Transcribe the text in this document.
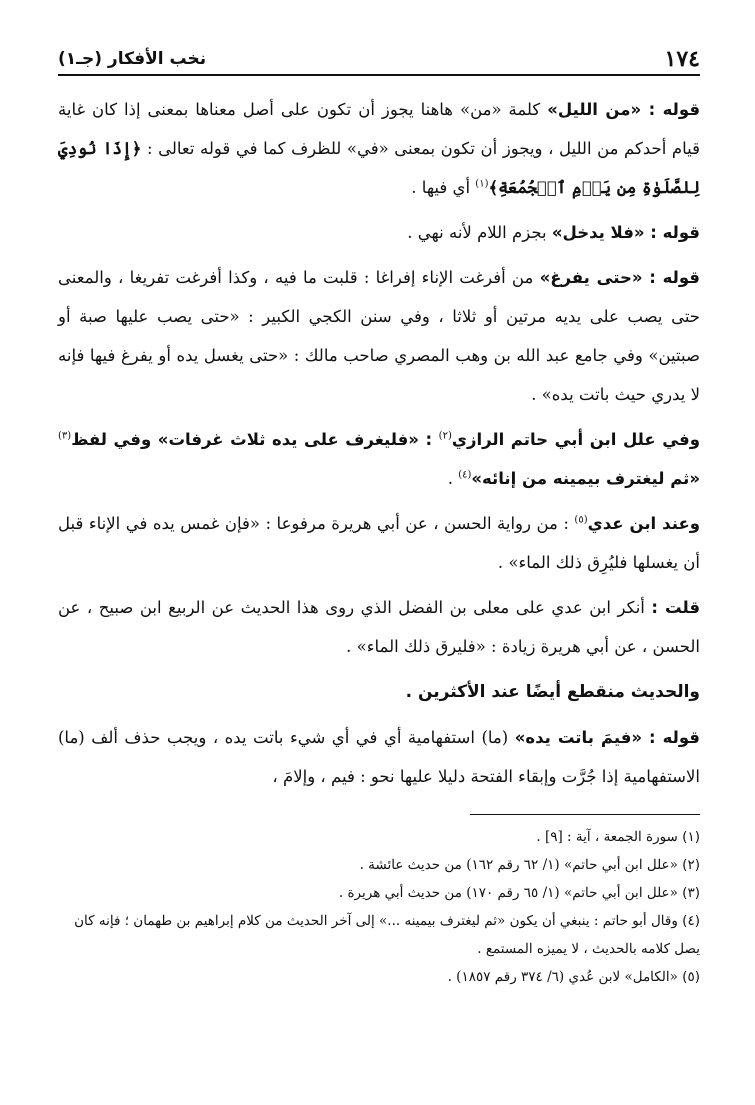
١٧٤
نخب الأفكار (جـ١)

قوله : «من الليل» كلمة «من» هاهنا يجوز أن تكون على أصل معناها بمعنى إذا كان غاية قيام أحدكم من الليل ، ويجوز أن تكون بمعنى «في» للظرف كما في قوله تعالى : ﴿إِذَا نُودِيَ لِلصَّلَوٰةِ مِن يَوۡمِ ٱلۡجُمُعَةِ﴾$^{(١)}$ أي فيها .

قوله : «فلا يدخل» بجزم اللام لأنه نهي .

قوله : «حتى يفرغ» من أفرغت الإناء إفراغا : قلبت ما فيه ، وكذا أفرغت تفريغا ، والمعنى حتى يصب على يديه مرتين أو ثلاثا ، وفي سنن الكجي الكبير : «حتى يصب عليها صبة أو صبتين» وفي جامع عبد الله بن وهب المصري صاحب مالك : «حتى يغسل يده أو يفرغ فيها فإنه لا يدري حيث باتت يده» .

وفي علل ابن أبي حاتم الرازي$^{(٢)}$ : «فليغرف على يده ثلاث غرفات» وفي لفظ$^{(٣)}$ «ثم ليغترف بيمينه من إنائه»$^{(٤)}$ .

وعند ابن عدي$^{(٥)}$ : من رواية الحسن ، عن أبي هريرة مرفوعا : «فإن غمس يده في الإناء قبل أن يغسلها فليُرِق ذلك الماء» .

قلت : أنكر ابن عدي على معلى بن الفضل الذي روى هذا الحديث عن الربيع ابن صبيح ، عن الحسن ، عن أبي هريرة زيادة : «فليرق ذلك الماء» .

والحديث منقطع أيضًا عند الأكثرين .

قوله : «فيمَ باتت يده» (ما) استفهامية أي في أي شيء باتت يده ، ويجب حذف ألف (ما) الاستفهامية إذا جُرَّت وإبقاء الفتحة دليلا عليها نحو : فيم ، وإلامَ ،

(١) سورة الجمعة ، آية : [٩] .

(٢) «علل ابن أبي حاتم» (١/ ٦٢ رقم ١٦٢) من حديث عائشة .

(٣) «علل ابن أبي حاتم» (١/ ٦٥ رقم ١٧٠) من حديث أبي هريرة .

(٤) وقال أبو حاتم : ينبغي أن يكون «ثم ليغترف بيمينه ...» إلى آخر الحديث من كلام إبراهيم بن طهمان ؛ فإنه كان يصل كلامه بالحديث ، لا يميزه المستمع .

(٥) «الكامل» لابن عُدي (٦/ ٣٧٤ رقم ١٨٥٧) .
